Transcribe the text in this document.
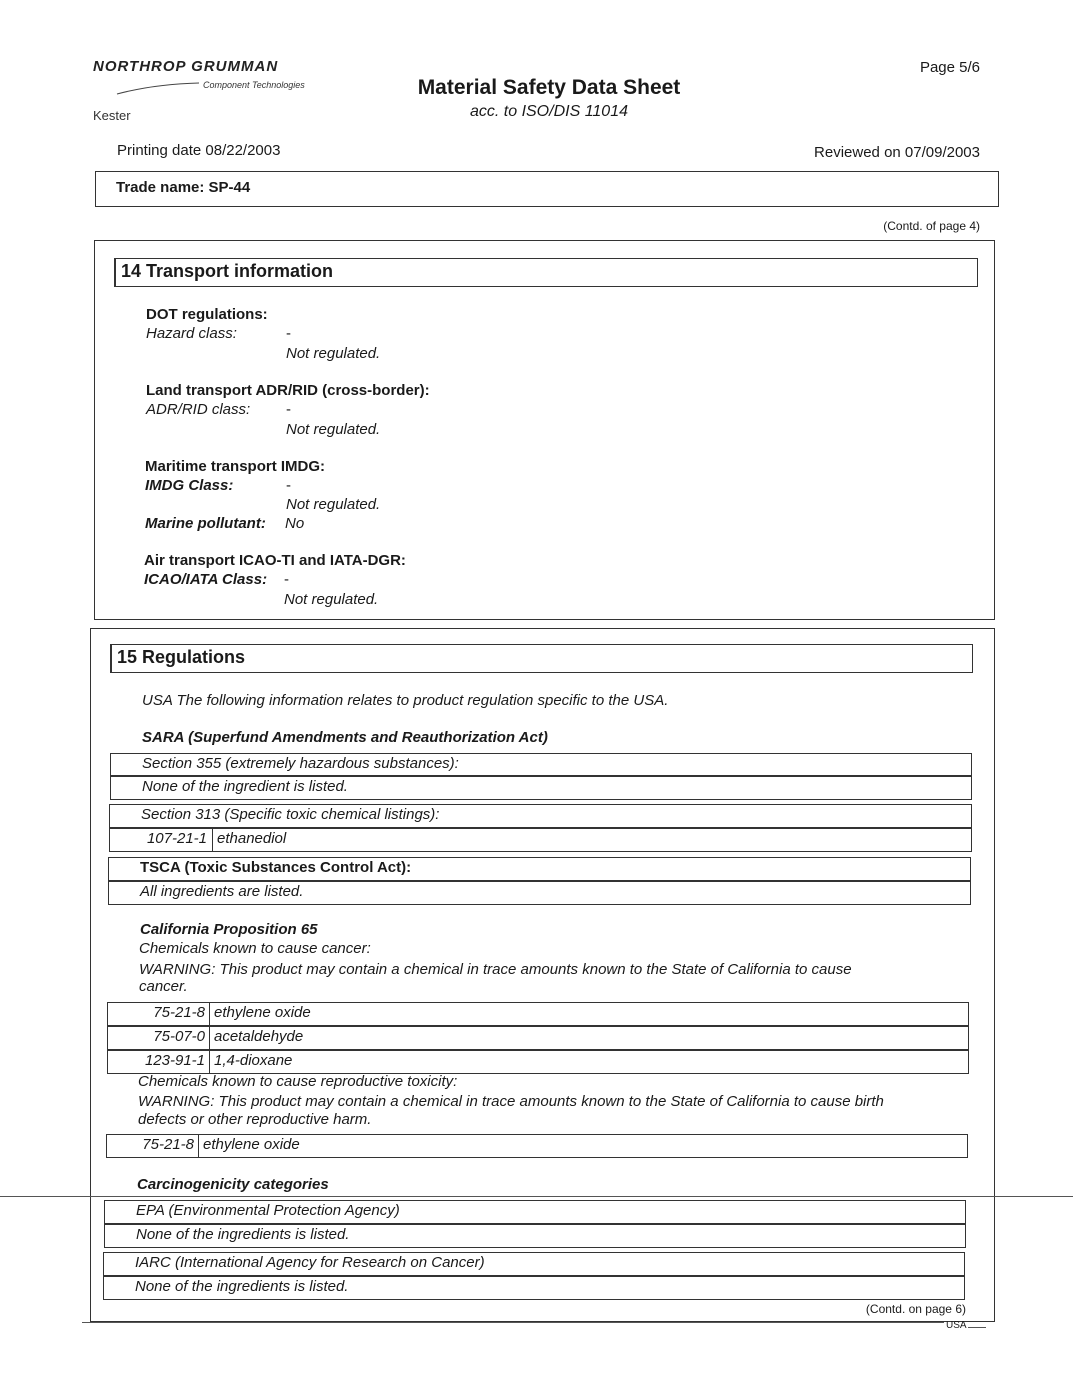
NORTHROP GRUMMAN
Component Technologies
Kester
Material Safety Data Sheet
acc. to ISO/DIS 11014
Page 5/6
Printing date 08/22/2003	Reviewed on 07/09/2003
Trade name: SP-44
(Contd. of page 4)
14 Transport information
DOT regulations:
Hazard class:	-
Not regulated.
Land transport ADR/RID (cross-border):
ADR/RID class: -
Not regulated.
Maritime transport IMDG:
IMDG Class:	-
Not regulated.
Marine pollutant: No
Air transport ICAO-TI and IATA-DGR:
ICAO/IATA Class: -
Not regulated.
15 Regulations
USA The following information relates to product regulation specific to the USA.
SARA (Superfund Amendments and Reauthorization Act)
Section 355 (extremely hazardous substances):
None of the ingredient is listed.
Section 313 (Specific toxic chemical listings):
107-21-1 ethanediol
TSCA (Toxic Substances Control Act):
All ingredients are listed.
California Proposition 65
Chemicals known to cause cancer:
WARNING: This product may contain a chemical in trace amounts known to the State of California to cause
cancer.
75-21-8 ethylene oxide
75-07-0 acetaldehyde
123-91-1 1,4-dioxane
Chemicals known to cause reproductive toxicity:
WARNING: This product may contain a chemical in trace amounts known to the State of California to cause birth
defects or other reproductive harm.
75-21-8 ethylene oxide
Carcinogenicity categories
EPA (Environmental Protection Agency)
None of the ingredients is listed.
IARC (International Agency for Research on Cancer)
None of the ingredients is listed.
(Contd. on page 6)
USA
